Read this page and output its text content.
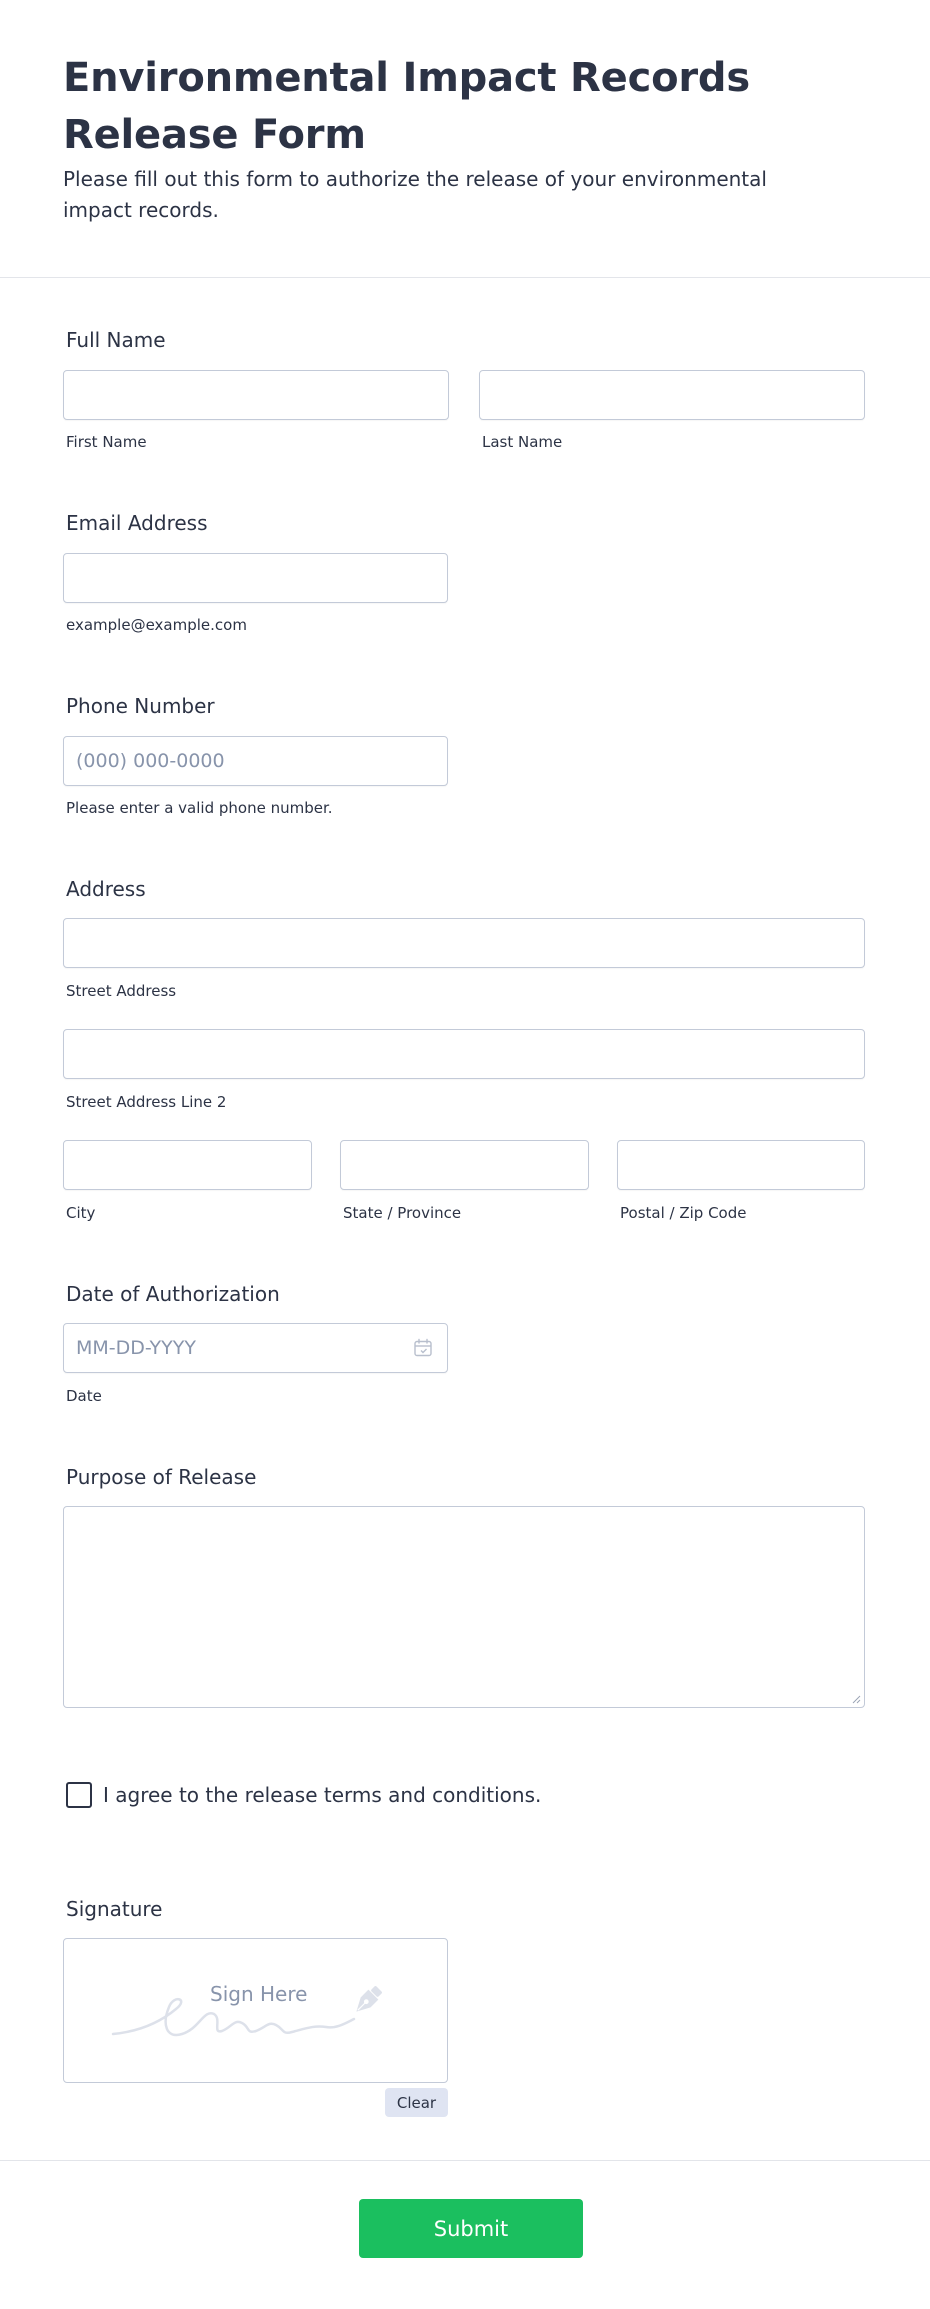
Environmental Impact Records Release Form

Please fill out this form to authorize the release of your environmental impact records.

Full Name
First Name	Last Name
Email Address
example@example.com
Phone Number
(000) 000-0000
Please enter a valid phone number.
Address
Street Address
Street Address Line 2
City	State / Province	Postal / Zip Code
Date of Authorization
MM-DD-YYYY
Date
Purpose of Release
I agree to the release terms and conditions.
Signature
Sign Here
Clear
Submit
